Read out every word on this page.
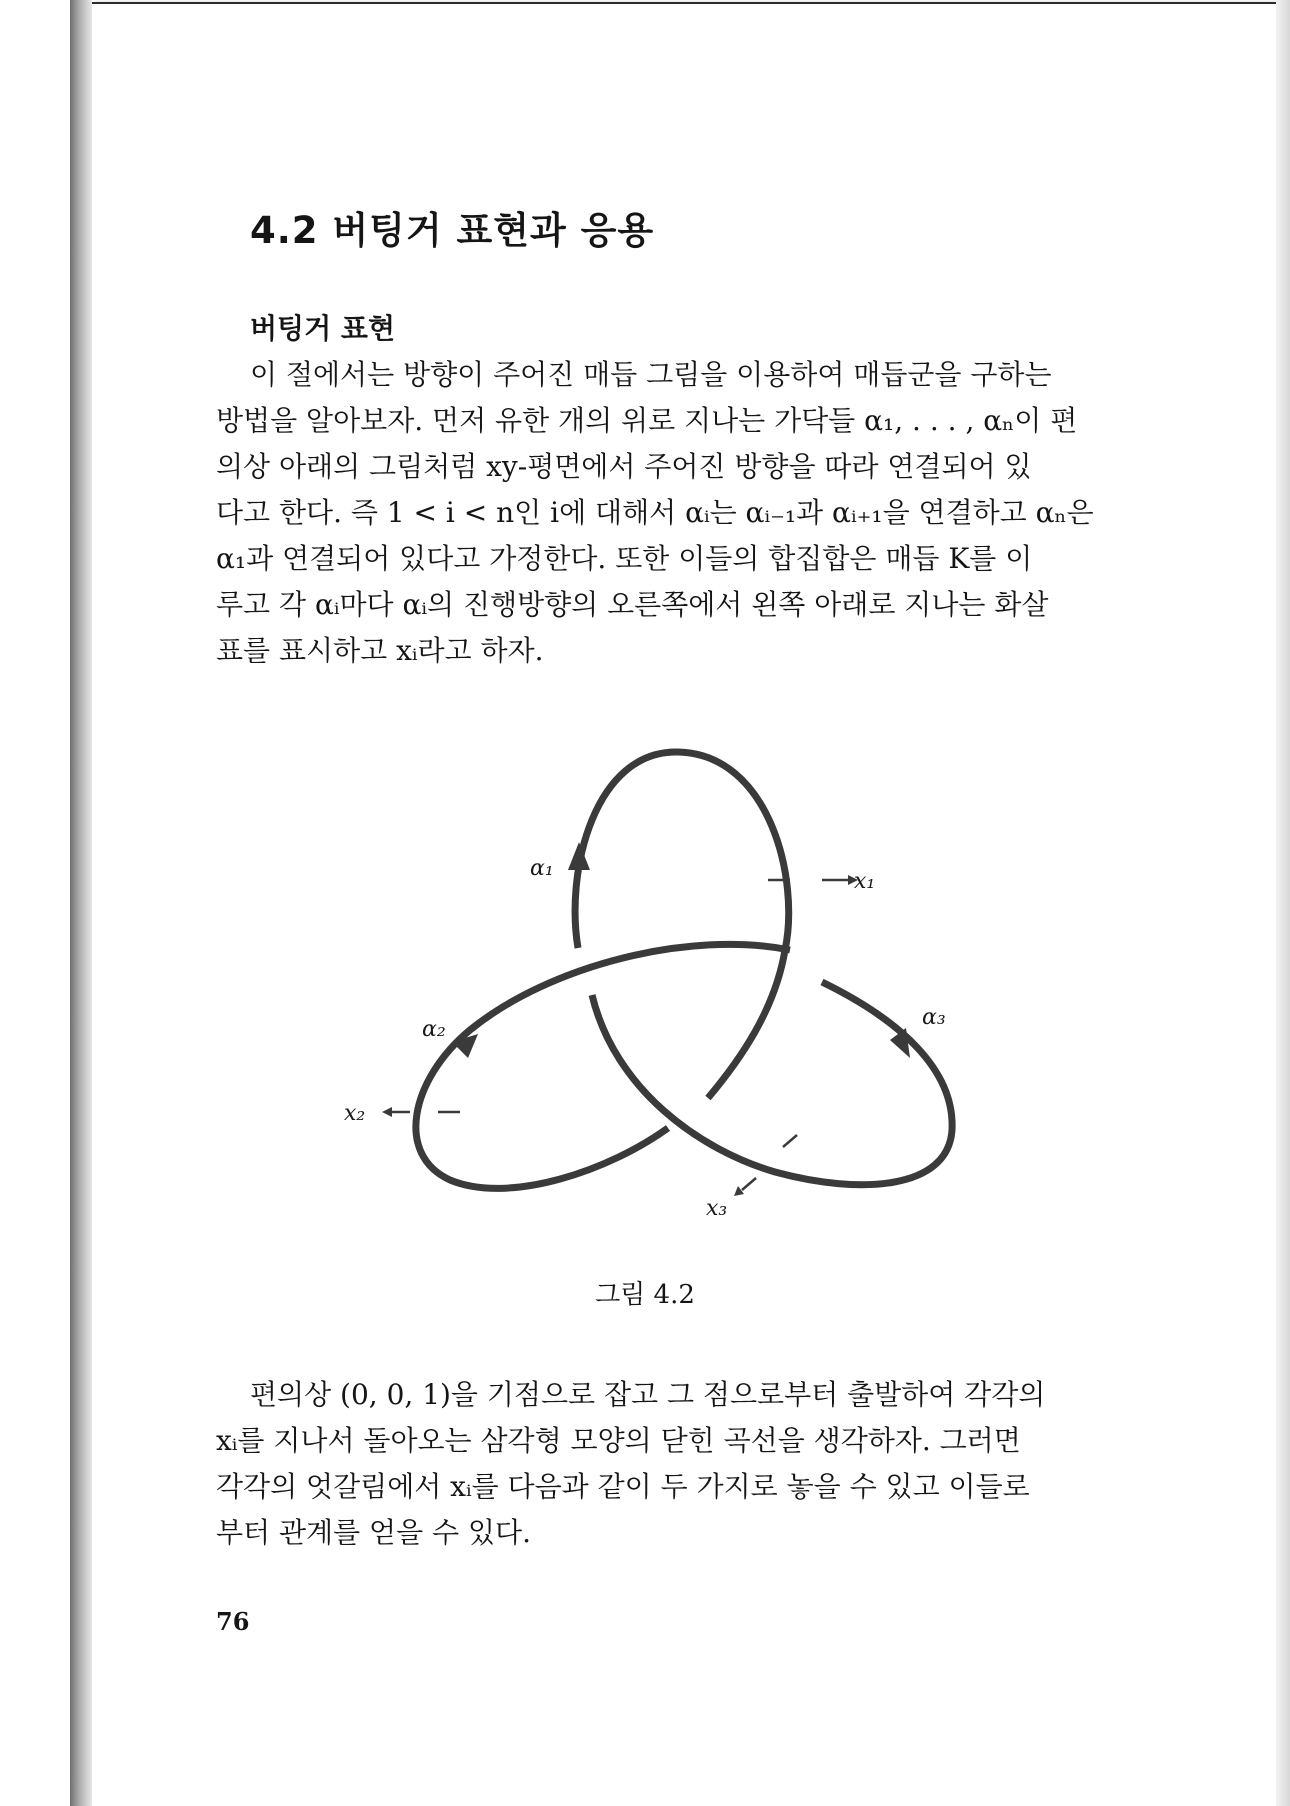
4.2 버팅거 표현과 응용
버팅거 표현
이 절에서는 방향이 주어진 매듭 그림을 이용하여 매듭군을 구하는
방법을 알아보자. 먼저 유한 개의 위로 지나는 가닥들 α₁, . . . , αₙ이 편
의상 아래의 그림처럼 xy-평면에서 주어진 방향을 따라 연결되어 있
다고 한다. 즉 1 < i < n인 i에 대해서 αᵢ는 αᵢ₋₁과 αᵢ₊₁을 연결하고 αₙ은
α₁과 연결되어 있다고 가정한다. 또한 이들의 합집합은 매듭 K를 이
루고 각 αᵢ마다 αᵢ의 진행방향의 오른쪽에서 왼쪽 아래로 지나는 화살
표를 표시하고 xᵢ라고 하자.
α₁
α₂	α₃
x₁
x₂
x₃

그림 4.2

편의상 (0, 0, 1)을 기점으로 잡고 그 점으로부터 출발하여 각각의
xᵢ를 지나서 돌아오는 삼각형 모양의 닫힌 곡선을 생각하자. 그러면
각각의 엇갈림에서 xᵢ를 다음과 같이 두 가지로 놓을 수 있고 이들로
부터 관계를 얻을 수 있다.

76
